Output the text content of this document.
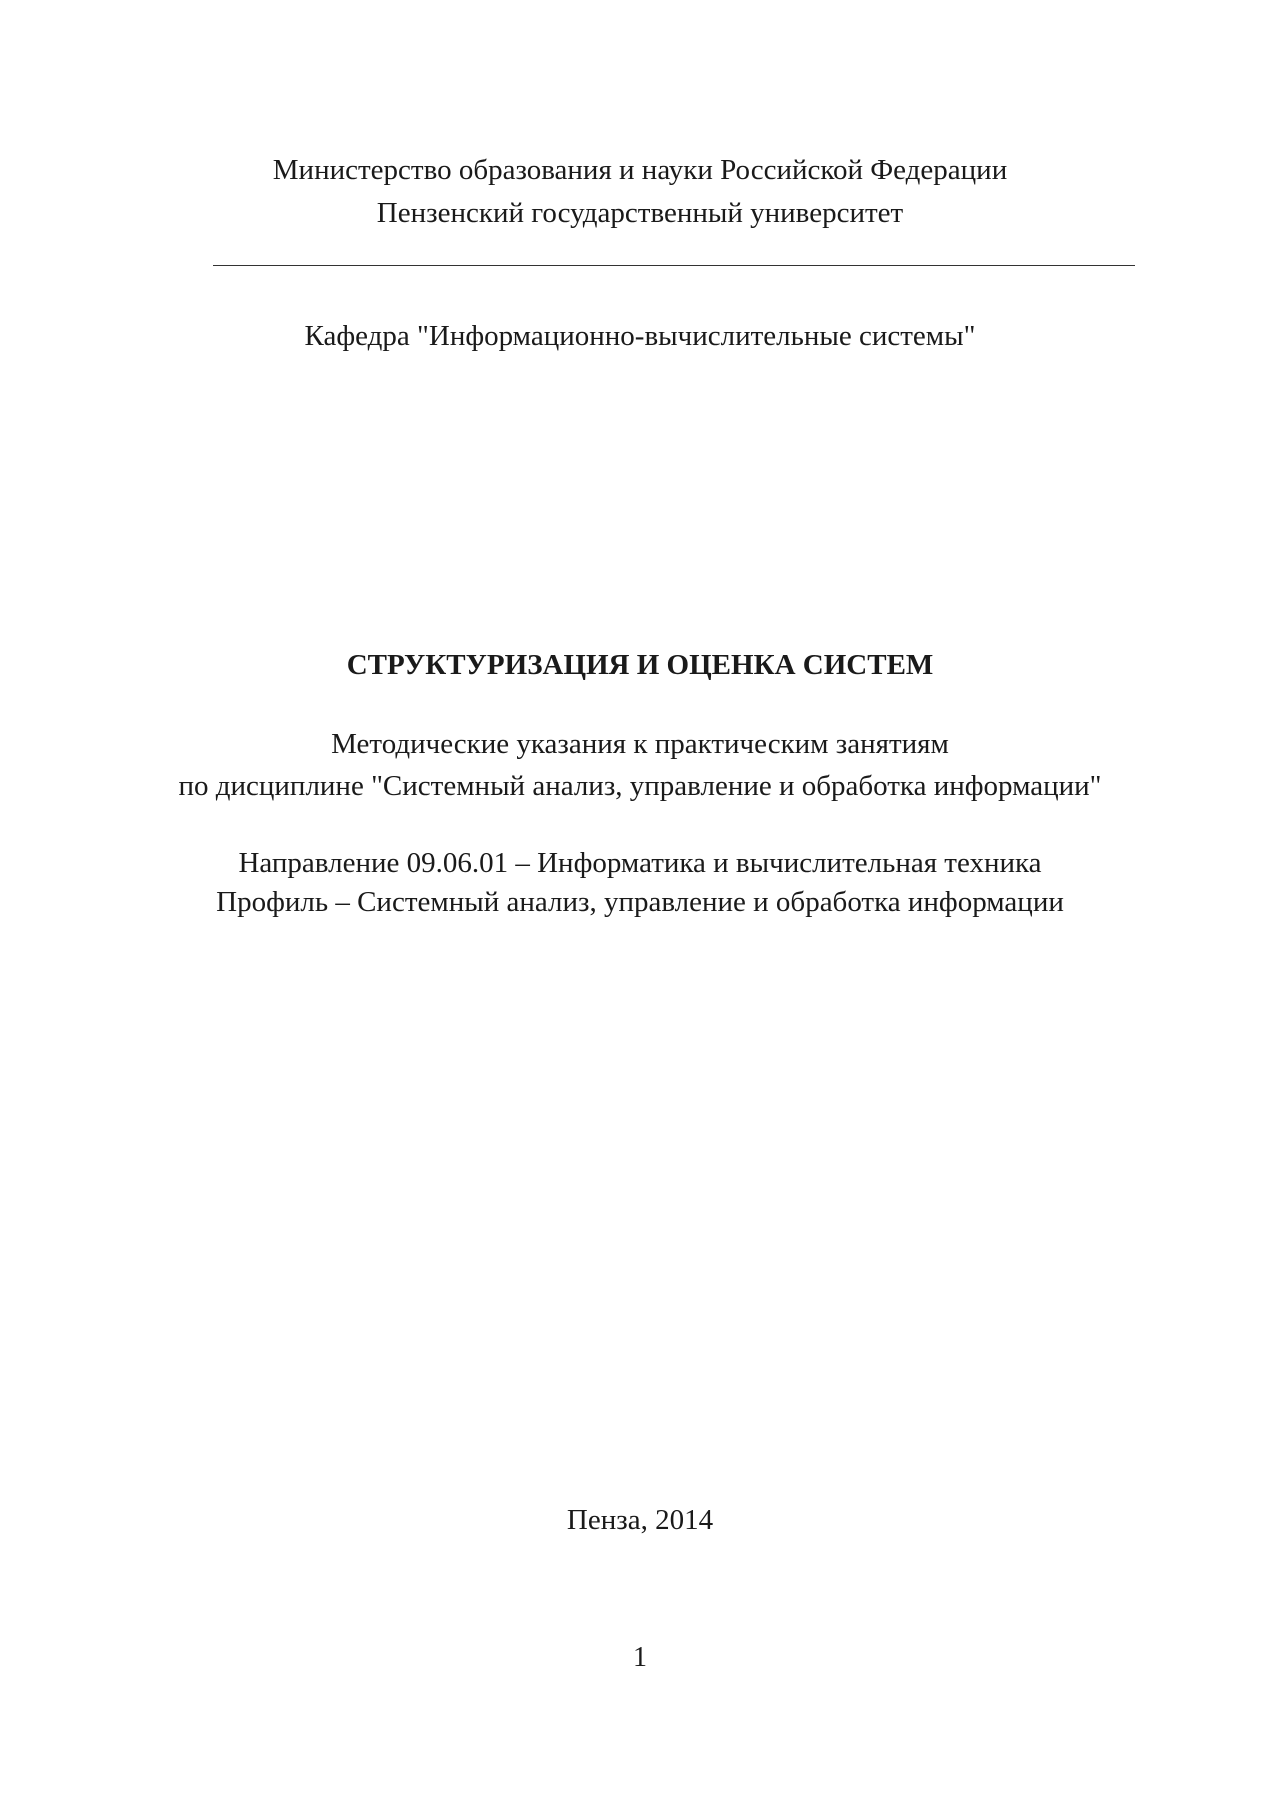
Министерство образования и науки Российской Федерации
Пензенский государственный университет
Кафедра "Информационно-вычислительные системы"
СТРУКТУРИЗАЦИЯ И ОЦЕНКА СИСТЕМ
Методические указания к практическим занятиям
по дисциплине "Системный анализ, управление и обработка информации"
Направление 09.06.01 – Информатика и вычислительная техника
Профиль – Системный анализ, управление и обработка информации
Пенза, 2014
1
